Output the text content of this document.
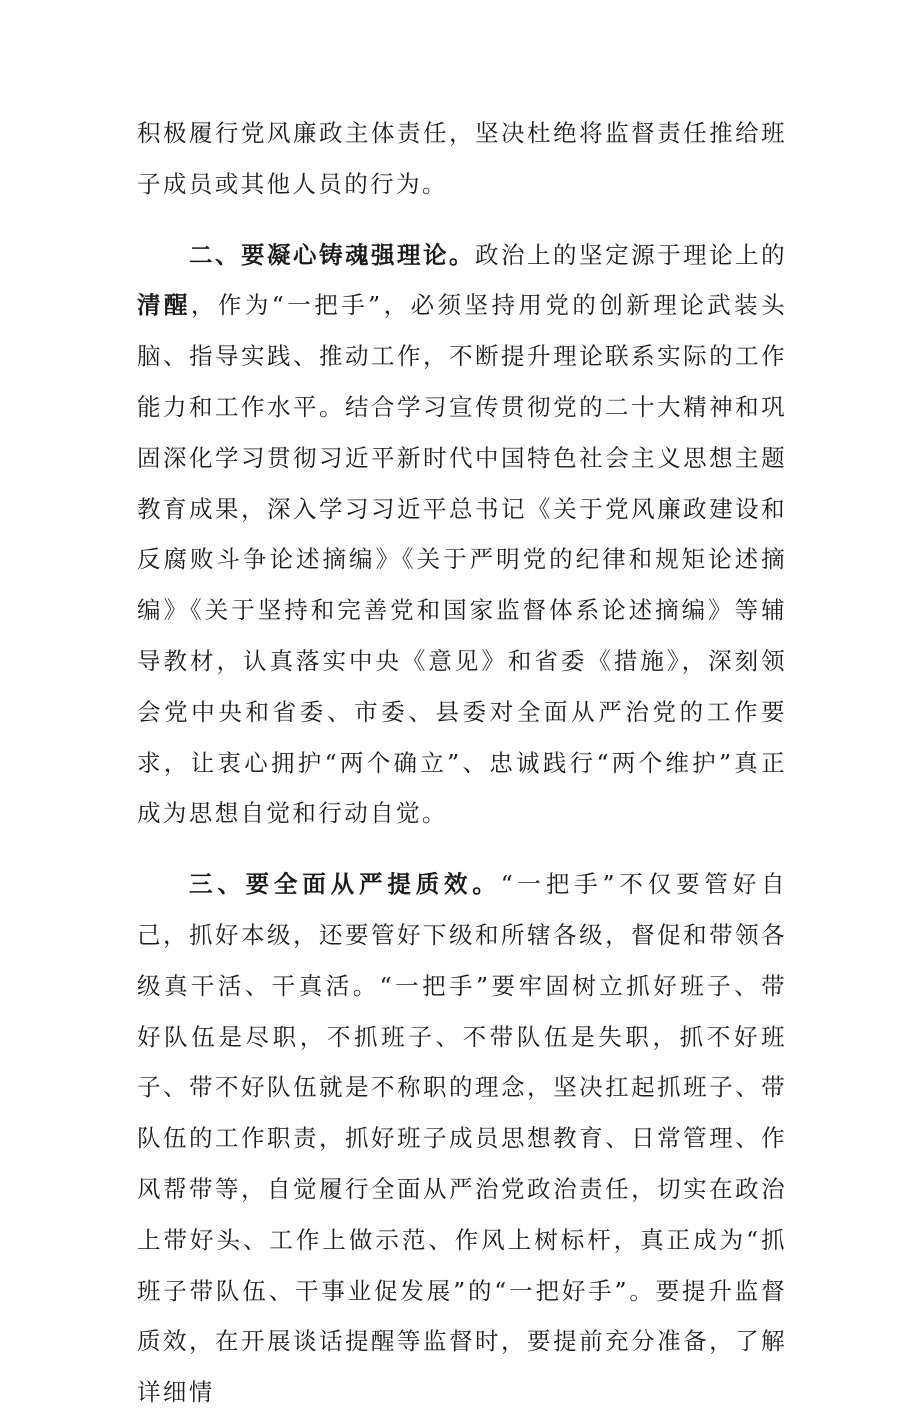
积极履行党风廉政主体责任，坚决杜绝将监督责任推给班子成员或其他人员的行为。

二、要凝心铸魂强理论。政治上的坚定源于理论上的清醒，作为“一把手”，必须坚持用党的创新理论武装头脑、指导实践、推动工作，不断提升理论联系实际的工作能力和工作水平。结合学习宣传贯彻党的二十大精神和巩固深化学习贯彻习近平新时代中国特色社会主义思想主题教育成果，深入学习习近平总书记《关于党风廉政建设和反腐败斗争论述摘编》《关于严明党的纪律和规矩论述摘编》《关于坚持和完善党和国家监督体系论述摘编》等辅导教材，认真落实中央《意见》和省委《措施》，深刻领会党中央和省委、市委、县委对全面从严治党的工作要求，让衷心拥护“两个确立”、忠诚践行“两个维护”真正成为思想自觉和行动自觉。

三、要全面从严提质效。“一把手”不仅要管好自己，抓好本级，还要管好下级和所辖各级，督促和带领各级真干活、干真活。“一把手”要牢固树立抓好班子、带好队伍是尽职，不抓班子、不带队伍是失职，抓不好班子、带不好队伍就是不称职的理念，坚决扛起抓班子、带队伍的工作职责，抓好班子成员思想教育、日常管理、作风帮带等，自觉履行全面从严治党政治责任，切实在政治上带好头、工作上做示范、作风上树标杆，真正成为“抓班子带队伍、干事业促发展”的“一把好手”。要提升监督质效，在开展谈话提醒等监督时，要提前充分准备，了解详细情
